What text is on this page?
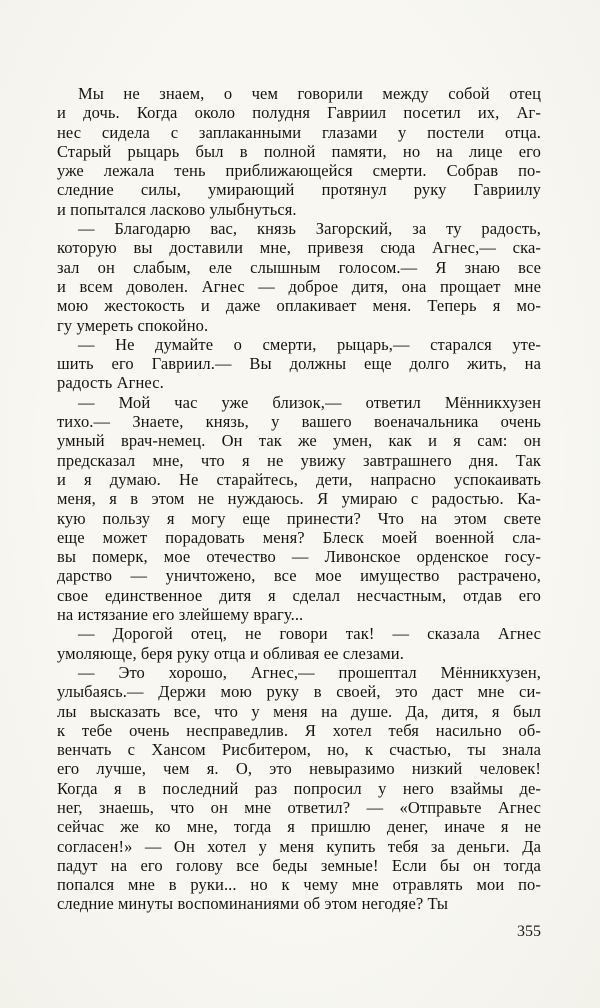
Мы не знаем, о чем говорили между собой отец
и дочь. Когда около полудня Гавриил посетил их, Аг-
нес сидела с заплаканными глазами у постели отца.
Старый рыцарь был в полной памяти, но на лице его
уже лежала тень приближающейся смерти. Собрав по-
следние силы, умирающий протянул руку Гавриилу
и попытался ласково улыбнуться.
— Благодарю вас, князь Загорский, за ту радость,
которую вы доставили мне, привезя сюда Агнес,— ска-
зал он слабым, еле слышным голосом.— Я знаю все
и всем доволен. Агнес — доброе дитя, она прощает мне
мою жестокость и даже оплакивает меня. Теперь я мо-
гу умереть спокойно.
— Не думайте о смерти, рыцарь,— старался уте-
шить его Гавриил.— Вы должны еще долго жить, на
радость Агнес.
— Мой час уже близок,— ответил Мённикхузен
тихо.— Знаете, князь, у вашего военачальника очень
умный врач-немец. Он так же умен, как и я сам: он
предсказал мне, что я не увижу завтрашнего дня. Так
и я думаю. Не старайтесь, дети, напрасно успокаивать
меня, я в этом не нуждаюсь. Я умираю с радостью. Ка-
кую пользу я могу еще принести? Что на этом свете
еще может порадовать меня? Блеск моей военной сла-
вы померк, мое отечество — Ливонское орденское госу-
дарство — уничтожено, все мое имущество растрачено,
свое единственное дитя я сделал несчастным, отдав его
на истязание его злейшему врагу...
— Дорогой отец, не говори так! — сказала Агнес
умоляюще, беря руку отца и обливая ее слезами.
— Это хорошо, Агнес,— прошептал Мённикхузен,
улыбаясь.— Держи мою руку в своей, это даст мне си-
лы высказать все, что у меня на душе. Да, дитя, я был
к тебе очень несправедлив. Я хотел тебя насильно об-
венчать с Хансом Рисбитером, но, к счастью, ты знала
его лучше, чем я. О, это невыразимо низкий человек!
Когда я в последний раз попросил у него взаймы де-
нег, знаешь, что он мне ответил? — «Отправьте Агнес
сейчас же ко мне, тогда я пришлю денег, иначе я не
согласен!» — Он хотел у меня купить тебя за деньги. Да
падут на его голову все беды земные! Если бы он тогда
попался мне в руки... но к чему мне отравлять мои по-
следние минуты воспоминаниями об этом негодяе? Ты
355
